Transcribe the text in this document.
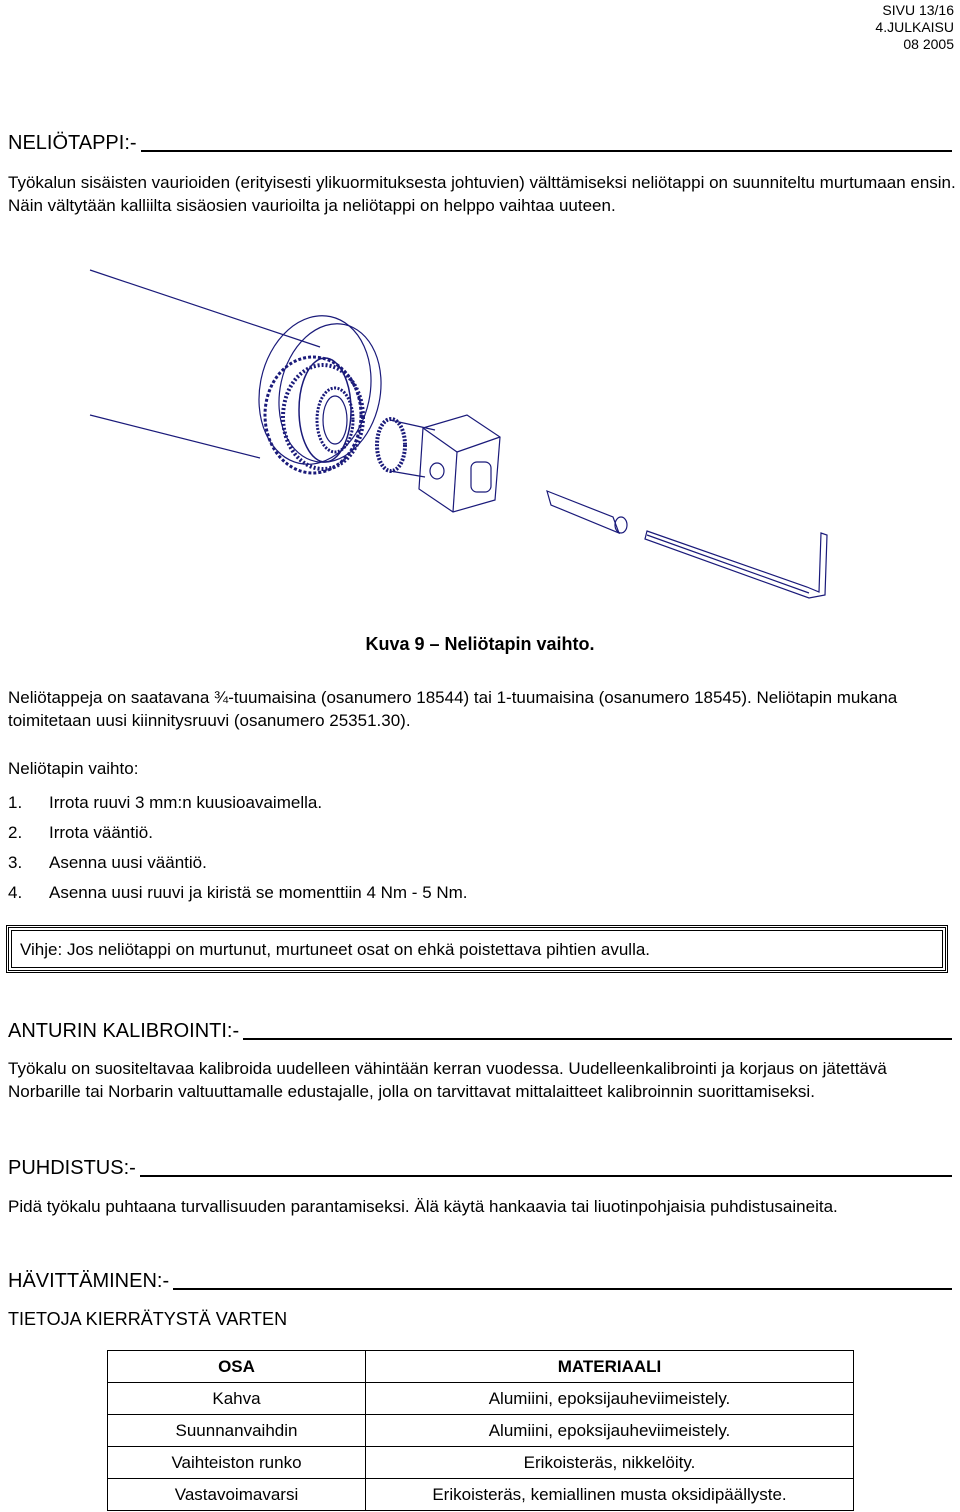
SIVU 13/16
4.JULKAISU
08 2005
NELIÖTAPPI:-
Työkalun sisäisten vaurioiden (erityisesti ylikuormituksesta johtuvien) välttämiseksi neliötappi on suunniteltu murtumaan ensin. Näin vältytään kalliilta sisäosien vaurioilta ja neliötappi on helppo vaihtaa uuteen.
Kuva 9 – Neliötapin vaihto.
Neliötappeja on saatavana ¾-tuumaisina (osanumero 18544) tai 1-tuumaisina (osanumero 18545). Neliötapin mukana toimitetaan uusi kiinnitysruuvi (osanumero 25351.30).
Neliötapin vaihto:
1. Irrota ruuvi 3 mm:n kuusioavaimella.
2. Irrota vääntiö.
3. Asenna uusi vääntiö.
4. Asenna uusi ruuvi ja kiristä se momenttiin 4 Nm - 5 Nm.
Vihje: Jos neliötappi on murtunut, murtuneet osat on ehkä poistettava pihtien avulla.
ANTURIN KALIBROINTI:-
Työkalu on suositeltavaa kalibroida uudelleen vähintään kerran vuodessa. Uudelleenkalibrointi ja korjaus on jätettävä Norbarille tai Norbarin valtuuttamalle edustajalle, jolla on tarvittavat mittalaitteet kalibroinnin suorittamiseksi.
PUHDISTUS:-
Pidä työkalu puhtaana turvallisuuden parantamiseksi. Älä käytä hankaavia tai liuotinpohjaisia puhdistusaineita.
HÄVITTÄMINEN:-
TIETOJA KIERRÄTYSTÄ VARTEN
OSA	MATERIAALI
Kahva	Alumiini, epoksijauheviimeistely.
Suunnanvaihdin	Alumiini, epoksijauheviimeistely.
Vaihteiston runko	Erikoisteräs, nikkelöity.
Vastavoimavarsi	Erikoisteräs, kemiallinen musta oksidipäällyste.
